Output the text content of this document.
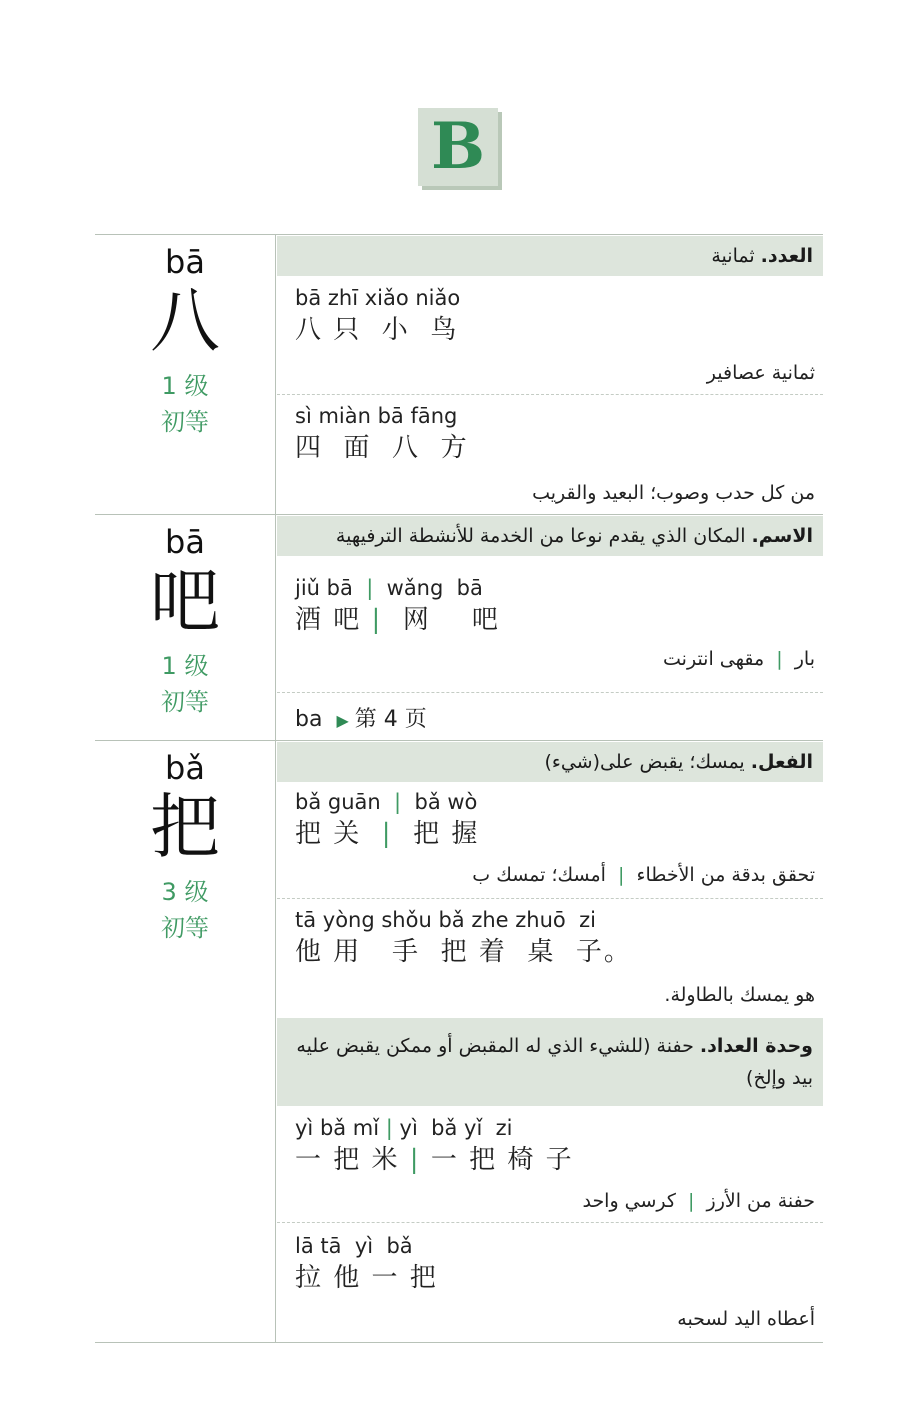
B
bā
八
1 级
初等
العدد. ثمانية
bā zhī xiǎo niǎo
八 只  小  鸟
ثمانية عصافير
sì miàn bā fāng
四  面  八  方
من كل حدب وصوب؛ البعيد والقريب
bā
吧
1 级
初等
الاسم. المكان الذي يقدم نوعا من الخدمة للأنشطة الترفيهية
jiǔ bā  |  wǎng  bā
酒 吧 |  网    吧
بار  |  مقهى انترنت
ba ▶ 第 4 页
bǎ
把
3 级
初等
الفعل. يمسك؛ يقبض على(شيء)
bǎ guān  |  bǎ wò
把 关  |  把 握
تحقق بدقة من الأخطاء  |  أمسك؛ تمسك ب
tā yòng shǒu bǎ zhe zhuō  zi
他 用   手  把 着  桌  子。
هو يمسك بالطاولة.
وحدة العداد. حفنة (للشيء الذي له المقبض أو ممكن يقبض عليه بيد وإلخ)
yì bǎ mǐ | yì  bǎ yǐ  zi
一 把 米 | 一 把 椅 子
حفنة من الأرز  |  كرسي واحد
lā tā  yì  bǎ
拉 他 一 把
أعطاه اليد لسحبه
